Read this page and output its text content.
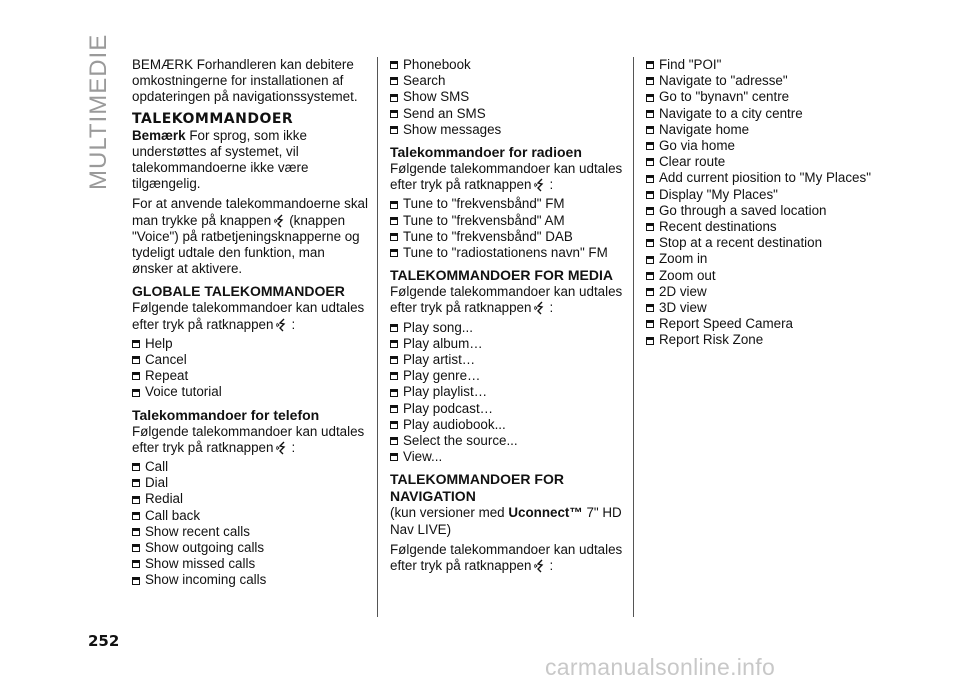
MULTIMEDIE BEMÆRK Forhandleren kan debitere omkostningerne for installationen af opdateringen på navigationssystemet.

TALEKOMMANDOER

Bemærk For sprog, som ikke understøttes af systemet, vil talekommandoerne ikke være tilgængelig.

For at anvende talekommandoerne skal man trykke på knappen (knappen "Voice") på ratbetjeningsknapperne og tydeligt udtale den funktion, man ønsker at aktivere.

GLOBALE TALEKOMMANDOER

Følgende talekommandoer kan udtales efter tryk på ratknappen :

Help
Cancel
Repeat
Voice tutorial

Talekommandoer for telefon

Følgende talekommandoer kan udtales efter tryk på ratknappen :

Call
Dial
Redial
Call back
Show recent calls
Show outgoing calls
Show missed calls
Show incoming calls
Phonebook
Search
Show SMS
Send an SMS
Show messages

Talekommandoer for radioen

Følgende talekommandoer kan udtales efter tryk på ratknappen :

Tune to "frekvensbånd" FM
Tune to "frekvensbånd" AM
Tune to "frekvensbånd" DAB
Tune to "radiostationens navn" FM

TALEKOMMANDOER FOR MEDIA

Følgende talekommandoer kan udtales efter tryk på ratknappen :

Play song...
Play album…
Play artist…
Play genre…
Play playlist…
Play podcast…
Play audiobook...
Select the source...
View...

TALEKOMMANDOER FOR NAVIGATION

(kun versioner med Uconnect™ 7" HD Nav LIVE)

Følgende talekommandoer kan udtales efter tryk på ratknappen :

Find "POI"
Navigate to "adresse"
Go to "bynavn" centre
Navigate to a city centre
Navigate home
Go via home
Clear route
Add current piosition to "My Places"
Display "My Places"
Go through a saved location
Recent destinations
Stop at a recent destination
Zoom in
Zoom out
2D view
3D view
Report Speed Camera
Report Risk Zone
252
carmanualsonline.info
